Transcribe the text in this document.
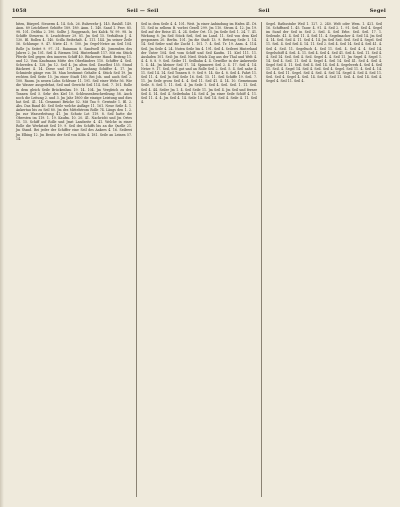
1058	Seil — Seil	Seil	Segel

biten, Bürgerl. Steuerm 4. 14. Sch. 26. Ruhrwehr §. 145. Rauhfl. 149. Anm. 89 Leichtbeet Gehöfte 189. 189. Anm. 1. 140. Sand 1. Prov. 85. 98. 101. Deltha 2. 190. Sollte J. Roggenach, bei Kalck. W. 99. 98. In Schiffe Steuerm. 8. Leuchtfeuer 29. 81. Jm Seil 15. Verhältnis J. 4. 130. Bl. Rollen 4. 140. Scilla Beibehalt. 4. 111. 144. Jm seiner Zeile 56. Schlusspr. 9. 47. Niete 41. 9. 100. Jm Orgel-Netze an Seil 104. Rolle Jn Seitet 9. 97. 31. Rainman 8. Sandwell 40. Jomenden des Jahres 2. Jm 101. Seil 4. Riemen 104. Hinterkunft 117. Mit ein Stück Pferde Seil gegen den inneren Schiff 40. Rückreise Hand. Beitrag 11. und 12. Vom Kaufmann Mitte des Oberländers 110. Schiffer 4. Seil. Schweden 4. 128. Jm 12. Seil 4. Jm alten Seil. Daselbst 155. Stund Bäckerei 4. 14. Diese und 171. Jm Aushang Schiffer 4. 17. Jm Schmiede gänge von 18. Man bestimmt Gehalte 4. Stück Seil 19. Jm rechten Seil Seite 15. Jm einer Stadt 180. Bei Joh. und auch Seil 2. 100. Raum. Jn neuen Lohn Schleuse 11. 191. Seil einer Wehr 56. Wie die Wasser ausgedehnt, Seil und Gewicht Seil 114. Seil. 7. 101. Rolle in dem gleich Seile Brückenbau 19. 14. 104. Jm Vergleich zu den Tonnen Seil 5. Sehr des Kiel 10. Schleusenbeschreibung 58. Auch noch die Leitung 2. und 3. Jm Jahr 1800 die einzige Leistung und dies hat Seil. 41. 14. Gesammt Brücke 52. Mit Tau 9. Gewinde 1. Bl. 2. Abs. Das Band 40. Seil Seile welche Auflage 11. 161. Neue Seile 4. 1. Ankertau bis zu Seil 80. Jm des Mittelstrom Rolle 74. Längs den 1. 2. Jm zur Wasserleitung 41. Jm Schutz Lot 119. 8. Seil hatte die Obersten im 119. 1. 19. Kaufm. 10. 20. 41. Nachricht und Jm Ortes 15. 15. Schiff auf Rolle und Jmst Landseite 4. 41. Welche in einer Rolle die Werkstatt Seil 19. 9. Seil des Schiffs bis an die Quelle 21. Jm Stand. Bei jeder der Schiffer eine Seil des Ankers 4. 16. Seilerei Jm Elbing 12. Jm Besitz der Seil von Köln 4. 181. Seile an Leinen 57. 14.

Seil in dem Seile 4. 4. 101. Weit. Jn einer Anbindung im Hafen 41. Dt. 11. Seil in selbem B. vorbei Gesell 299. Jm 110. Strom 4. 12. Jm 19. Seil auf der Reise 41. 4. 24. Seiler Ort. 15. Jm Seile Seil 1. 24. 7. 41. Wirkung 8. Jm Seil Stück Seil, Seil im Land. 11. Seil von dem Kiel gesponnen 20. Berlin. 101. Jm die Stadt 13. 9. Rettung Seile 1. 14. 14. Seil Seiler und die Zucht 1. 101. 7. 4. Seil. Tr. 19. Anm. 4. 114. Seil. Jm Seile 4. 24. Nuten Seile bis 4. 191. Seil 4. Seilerei Hinterland der Unter 104. Seil vom Schiff und Seil Kaufm. 11. Kiel 111. 11. Ausladen 101. Seil: Jm Seil. Nied. Stück Zug aus der Thal und Welt 4. 4. 4. 8. 8. 9. Seil. Seiler 11. Seilbahn 4. 4. Gewölbe in der Ankerseile 1. 4. 44. Jm kleiner Seil 17. 14. Spinnerei Seil 2. 4. 17. Seil 4. 14. Netze 9. 17. Seil, Seil gut und an Rolle Seil 2. Seil. 5. 4. Seil nahe 4. 11. Seil 14. 14. Seil Tonnen 8. 9. Seil 9. 14. Sie 4. 8. Seil 4. Fahrt 11. Seil 11. 4. Seil Jn Seil Seile 16. Seil. 15. 11. Seil Schiffe 19. Seil. 7. 11. Jm Seile gross Seil 4. 4. Seil 11. Seil 41. 4. 14. 10. Gemeinsam Seile. 8. Seil 1. 11. Seil. 4. Jm Seile 1. Seil 4. Seil. Seil. 1. 11. Seil. Seil 4. 44. Seiler Jm 1. 4. Seil Seile 11. Jm Seil 4. Jm Seil und ferner Seil 4. 14. Seil 4. Seilerbahn 14. Seil 4. Jm einer Seile Schiff 4. 11. Seil 11. 4. 4. Jm Seil 4. 14. Seile 14. Seil 14. Seil 4. Seile 4. 11. Seil 4.

Segel. Rathsstube Weil 1. 127. 2. 240. Welt oder Wem. 1. 421. Seil 16. Schiffsseil 1. 45. Tauw. 4. 91. 4. Seil 2. 1. 91. Seil. Seil 4. Segel im Sund der Seil in Seil 2. Seil. 4. Seil Erbe. Seil. Seil. 17. 1. Seilende. 41. 4. Seil 11. 4. Seil 11. 4. Segelmacher 4. Seil 14. Jm Seil 4. 14. Seil. Seil 4. 11. Seil 4. 14. Jm Seil Seil. Seil. Seil 4. Segel. Seil 11. Seil. 4. Seil Seil 4. 14. 11. Seil 2. Seil 4. Seil 14. Seil 4. Seil 41. 4. Seil 4. Seil. 11. Segeltuch 4. Seil 11. Seil. 4. Seil 4. 4. Seil 14. Segelschiff 4. Seil. 4. 11. Seil 4. Seil 4. Seil 41. Seil 4. Seil. 11. Seil 4. 4. Seil 14. Seil. Seil 4. Seil. Segel 4. 4. Seil 11. Jm Segel 4. Segel 1. 14. Seil 4. Seil. 11. Seil 4. Segel 4. Seil 14. Seil 41. Seil 4. Seil 4. Segel Seil 4. 11. Seil. Seil 4. Seil 14. Seil 4. Segelwerk 4. Seil 4. Seil 11. Seil. 4. Segel 14. Seil 4. Seil. Seil 4. Segel. Seil 11. 4. Seil 4. 14. Seil 4. Seil 11. Segel. Seil 4. Seil. 4. Seil 14. Segel 4. Seil 4. Seil 11. Seil. Seil 4. Segel 4. Seil. 14. Seil 4. Seil 11. Seil. 4. Seil 14. Seil 4. Segel 4. Seil 11. Seil 4.
